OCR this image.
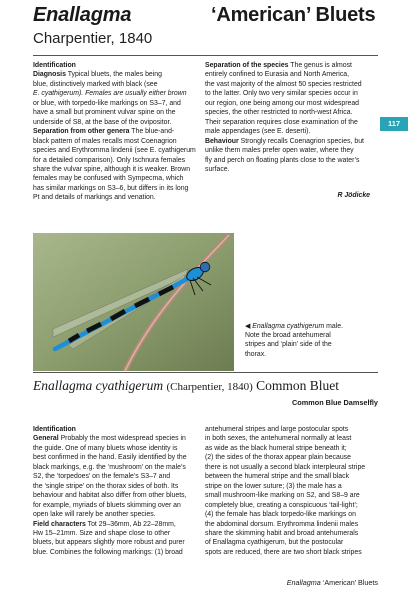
Enallagma	‘American’ Bluets
Charpentier, 1840
117

Identification

Diagnosis Typical bluets, the males being
blue, distinctively marked with black (see
E. cyathigerum). Females are usually either brown
or blue, with torpedo-like markings on S3–7, and
have a small but prominent vulvar spine on the
underside of S8, at the base of the ovipositor.

Separation from other genera The blue-and-
black pattern of males recalls most Coenagrion
species and Erythromma lindenii (see E. cyathigerum
for a detailed comparison). Only Ischnura females
share the vulvar spine, although it is weaker. Brown
females may be confused with Sympecma, which
has similar markings on S3–6, but differs in its long
Pt and details of markings and venation.

Separation of the species The genus is almost
entirely confined to Eurasia and North America,
the vast majority of the almost 50 species restricted
to the latter. Only two very similar species occur in
our region, one being among our most widespread
species, the other restricted to north-west Africa.
Their separation requires close examination of the
male appendages (see E. deserti).

Behaviour Strongly recalls Coenagrion species, but
unlike them males prefer open water, where they
fly and perch on floating plants close to the water’s
surface.

R Jödicke
◀ Enallagma cyathigerum male.
Note the broad antehumeral
stripes and ‘plain’ side of the
thorax.
Enallagma cyathigerum (Charpentier, 1840) Common Bluet
Common Blue Damselfly

Identification

General Probably the most widespread species in
the guide. One of many bluets whose identity is
best confirmed in the hand. Easily identified by the
black markings, e.g. the ‘mushroom’ on the male’s
S2, the ‘torpedoes’ on the female’s S3–7 and
the ‘single stripe’ on the thorax sides of both. Its
behaviour and habitat also differ from other bluets,
for example, myriads of bluets skimming over an
open lake will rarely be another species.

Field characters Tot 29–36mm, Ab 22–28mm,
Hw 15–21mm. Size and shape close to other
bluets, but appears slightly more robust and purer
blue. Combines the following markings: (1) broad

antehumeral stripes and large postocular spots
in both sexes, the antehumeral normally at least
as wide as the black humeral stripe beneath it;
(2) the sides of the thorax appear plain because
there is not usually a second black interpleural stripe
between the humeral stripe and the small black
stripe on the lower suture; (3) the male has a
small mushroom-like marking on S2, and S8–9 are
completely blue, creating a conspicuous ‘tail-light’;
(4) the female has black torpedo-like markings on
the abdominal dorsum. Erythromma lindenii males
share the skimming habit and broad antehumerals
of Enallagma cyathigerum, but the postocular
spots are reduced, there are two short black stripes

Enallagma ‘American’ Bluets
